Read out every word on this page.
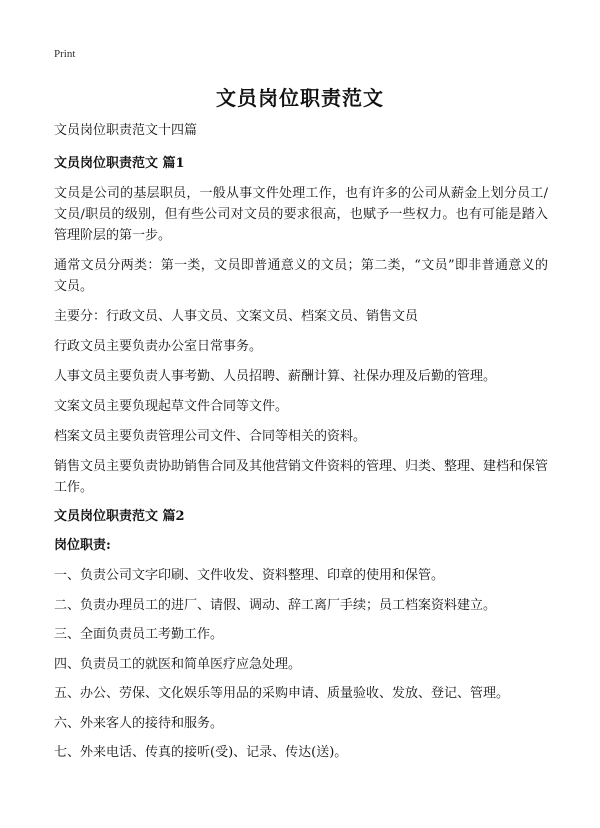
Print
文员岗位职责范文

文员岗位职责范文十四篇

文员岗位职责范文 篇1

文员是公司的基层职员，一般从事文件处理工作，也有许多的公司从薪金上划分员工/文员/职员的级别，但有些公司对文员的要求很高，也赋予一些权力。也有可能是踏入管理阶层的第一步。

通常文员分两类：第一类，文员即普通意义的文员；第二类，“文员”即非普通意义的 文员。

主要分：行政文员、人事文员、文案文员、档案文员、销售文员

行政文员主要负责办公室日常事务。

人事文员主要负责人事考勤、人员招聘、薪酬计算、社保办理及后勤的管理。

文案文员主要负现起草文件合同等文件。

档案文员主要负责管理公司文件、合同等相关的资料。

销售文员主要负责协助销售合同及其他营销文件资料的管理、归类、整理、建档和保管工作。

文员岗位职责范文 篇2

岗位职责:

一、负责公司文字印刷、文件收发、资料整理、印章的使用和保管。

二、负责办理员工的进厂、请假、调动、辞工离厂手续；员工档案资料建立。

三、全面负责员工考勤工作。

四、负责员工的就医和简单医疗应急处理。

五、办公、劳保、文化娱乐等用品的采购申请、质量验收、发放、登记、管理。

六、外来客人的接待和服务。

七、外来电话、传真的接听(受)、记录、传达(送)。
